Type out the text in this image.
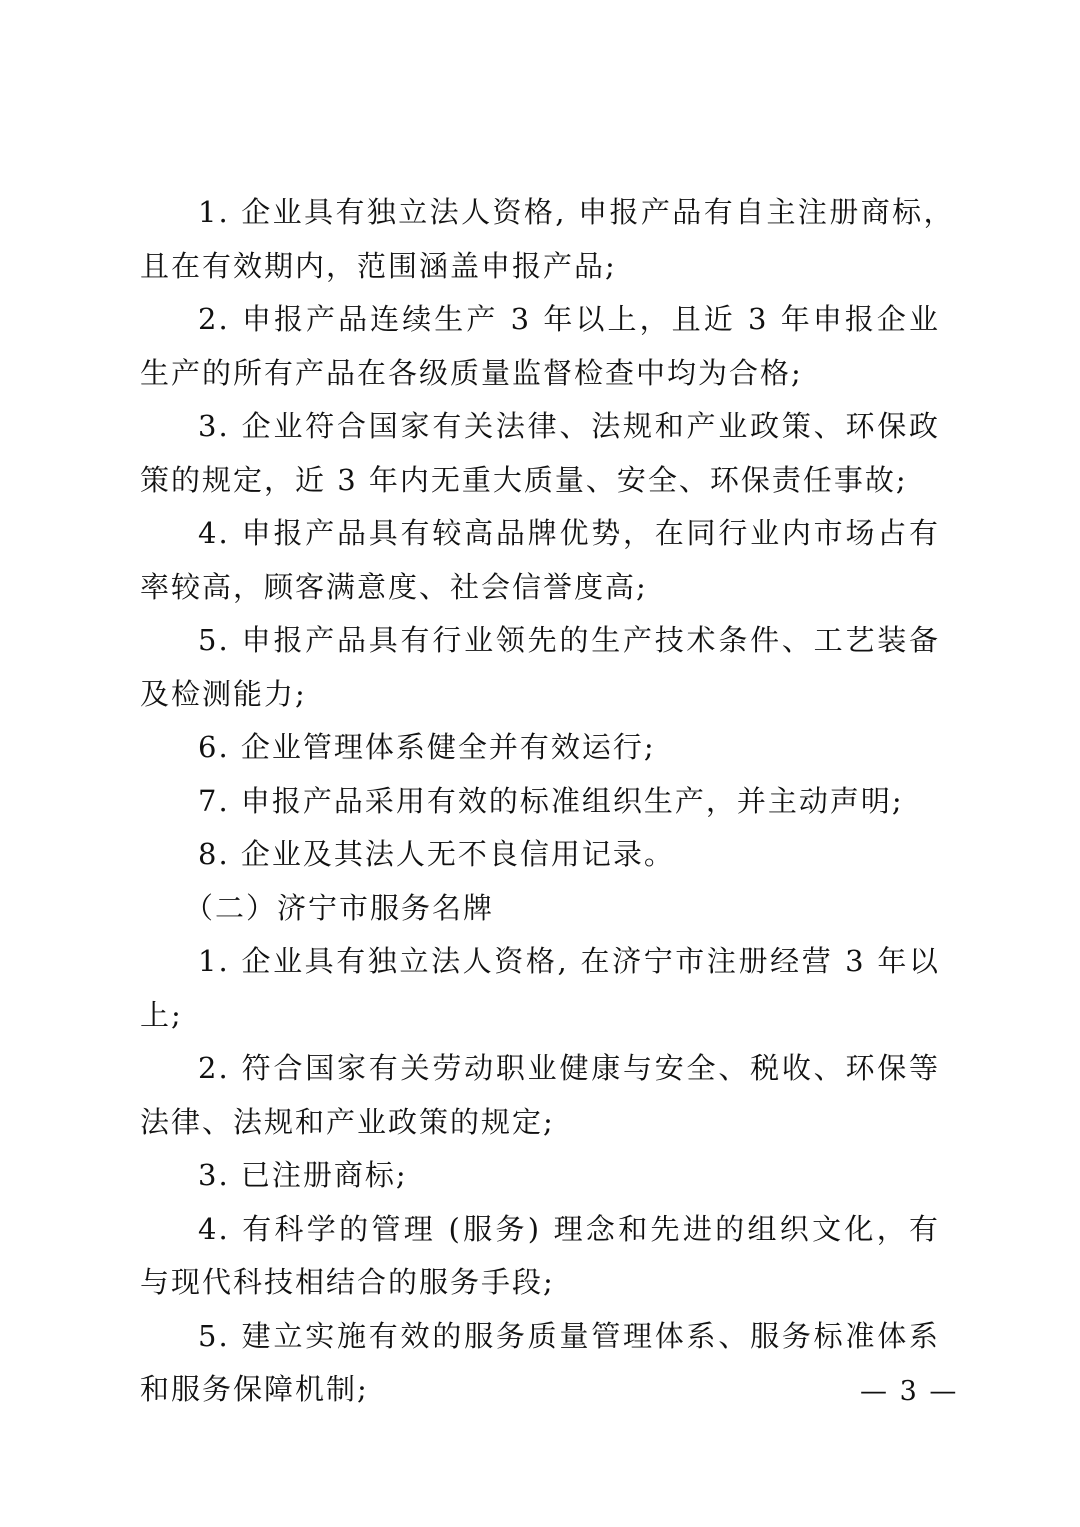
1. 企业具有独立法人资格, 申报产品有自主注册商标，　且在有效期内，范围涵盖申报产品;

2. 申报产品连续生产 3 年以上，且近 3 年申报企业生产的所有产品在各级质量监督检查中均为合格;

3. 企业符合国家有关法律、法规和产业政策、环保政策的规定，近 3 年内无重大质量、安全、环保责任事故;

4. 申报产品具有较高品牌优势，在同行业内市场占有率较高，顾客满意度、社会信誉度高;

5. 申报产品具有行业领先的生产技术条件、工艺装备及检测能力;

6. 企业管理体系健全并有效运行;

7. 申报产品采用有效的标准组织生产，并主动声明;

8. 企业及其法人无不良信用记录。

（二）济宁市服务名牌

1. 企业具有独立法人资格, 在济宁市注册经营 3 年以上;

2. 符合国家有关劳动职业健康与安全、税收、环保等法律、法规和产业政策的规定;

3. 已注册商标;

4. 有科学的管理 (服务) 理念和先进的组织文化，有与现代科技相结合的服务手段;

5. 建立实施有效的服务质量管理体系、服务标准体系和服务保障机制;	— 3 —
